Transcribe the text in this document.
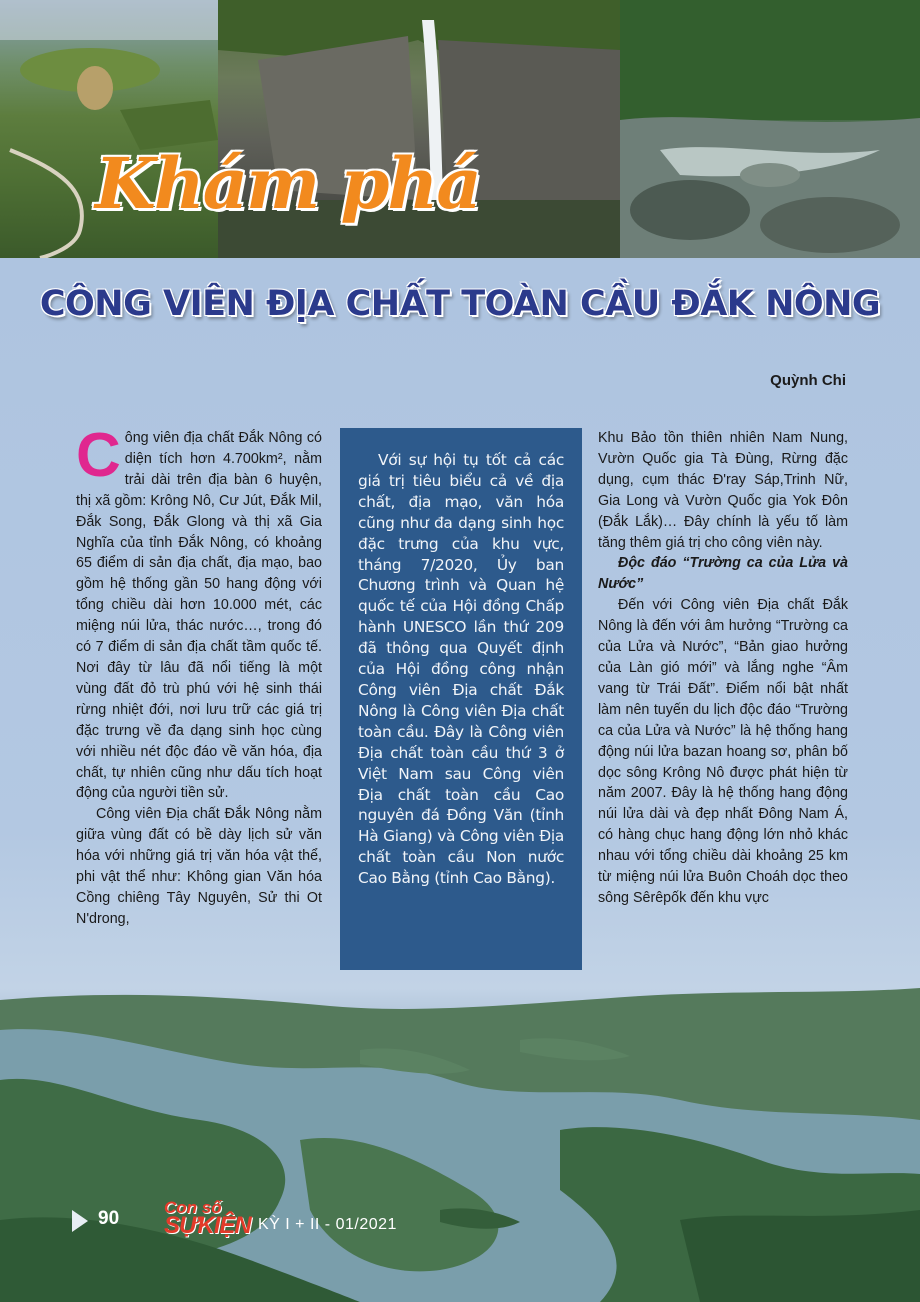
Khám phá
CÔNG VIÊN ĐỊA CHẤT TOÀN CẦU ĐẮK NÔNG
Quỳnh Chi

Công viên địa chất Đắk Nông có diện tích hơn 4.700km², nằm trải dài trên địa bàn 6 huyện, thị xã gồm: Krông Nô, Cư Jút, Đắk Mil, Đắk Song, Đắk Glong và thị xã Gia Nghĩa của tỉnh Đắk Nông, có khoảng 65 điểm di sản địa chất, địa mạo, bao gồm hệ thống gần 50 hang động với tổng chiều dài hơn 10.000 mét, các miệng núi lửa, thác nước…, trong đó có 7 điểm di sản địa chất tầm quốc tế. Nơi đây từ lâu đã nổi tiếng là một vùng đất đỏ trù phú với hệ sinh thái rừng nhiệt đới, nơi lưu trữ các giá trị đặc trưng về đa dạng sinh học cùng với nhiều nét độc đáo về văn hóa, địa chất, tự nhiên cũng như dấu tích hoạt động của người tiền sử.

Công viên Địa chất Đắk Nông nằm giữa vùng đất có bề dày lịch sử văn hóa với những giá trị văn hóa vật thể, phi vật thể như: Không gian Văn hóa Cồng chiêng Tây Nguyên, Sử thi Ot N'drong,

Với sự hội tụ tốt cả các giá trị tiêu biểu cả về địa chất, địa mạo, văn hóa cũng như đa dạng sinh học đặc trưng của khu vực, tháng 7/2020, Ủy ban Chương trình và Quan hệ quốc tế của Hội đồng Chấp hành UNESCO lần thứ 209 đã thông qua Quyết định của Hội đồng công nhận Công viên Địa chất Đắk Nông là Công viên Địa chất toàn cầu. Đây là Công viên Địa chất toàn cầu thứ 3 ở Việt Nam sau Công viên Địa chất toàn cầu Cao nguyên đá Đồng Văn (tỉnh Hà Giang) và Công viên Địa chất toàn cầu Non nước Cao Bằng (tỉnh Cao Bằng).

Khu Bảo tồn thiên nhiên Nam Nung, Vườn Quốc gia Tà Đùng, Rừng đặc dụng, cụm thác Đ'ray Sáp,Trinh Nữ, Gia Long và Vườn Quốc gia Yok Đôn (Đắk Lắk)… Đây chính là yếu tố làm tăng thêm giá trị cho công viên này.

Độc đáo “Trường ca của Lửa và Nước”

Đến với Công viên Địa chất Đắk Nông là đến với âm hưởng “Trường ca của Lửa và Nước”, “Bản giao hưởng của Làn gió mới” và lắng nghe “Âm vang từ Trái Đất”. Điểm nổi bật nhất làm nên tuyến du lịch độc đáo “Trường ca của Lửa và Nước” là hệ thống hang động núi lửa bazan hoang sơ, phân bố dọc sông Krông Nô được phát hiện từ năm 2007. Đây là hệ thống hang động núi lửa dài và đẹp nhất Đông Nam Á, có hàng chục hang động lớn nhỏ khác nhau với tổng chiều dài khoảng 25 km từ miệng núi lửa Buôn Choáh dọc theo sông Sêrêpốk đến khu vực

90
Con số
SỰKIỆN KỲ I + II - 01/2021
